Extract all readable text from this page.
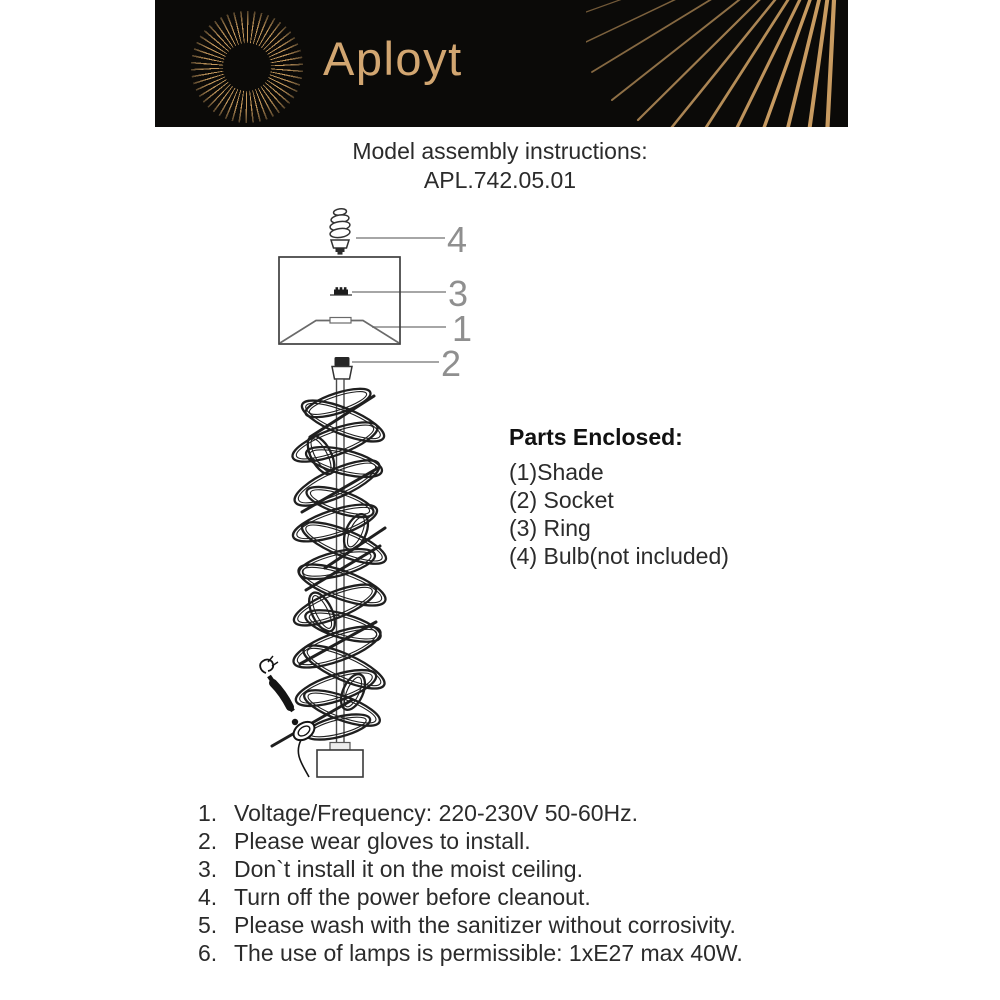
Aployt
Model assembly instructions:
APL.742.05.01
4
3
1
2
Parts Enclosed:
(1)Shade
(2) Socket
(3) Ring
(4) Bulb(not included)
1. Voltage/Frequency: 220-230V 50-60Hz.
2. Please wear gloves to install.
3. Don`t install it on the moist ceiling.
4. Turn off the power before cleanout.
5. Please wash with the sanitizer without corrosivity.
6. The use of lamps is permissible: 1xE27 max 40W.
